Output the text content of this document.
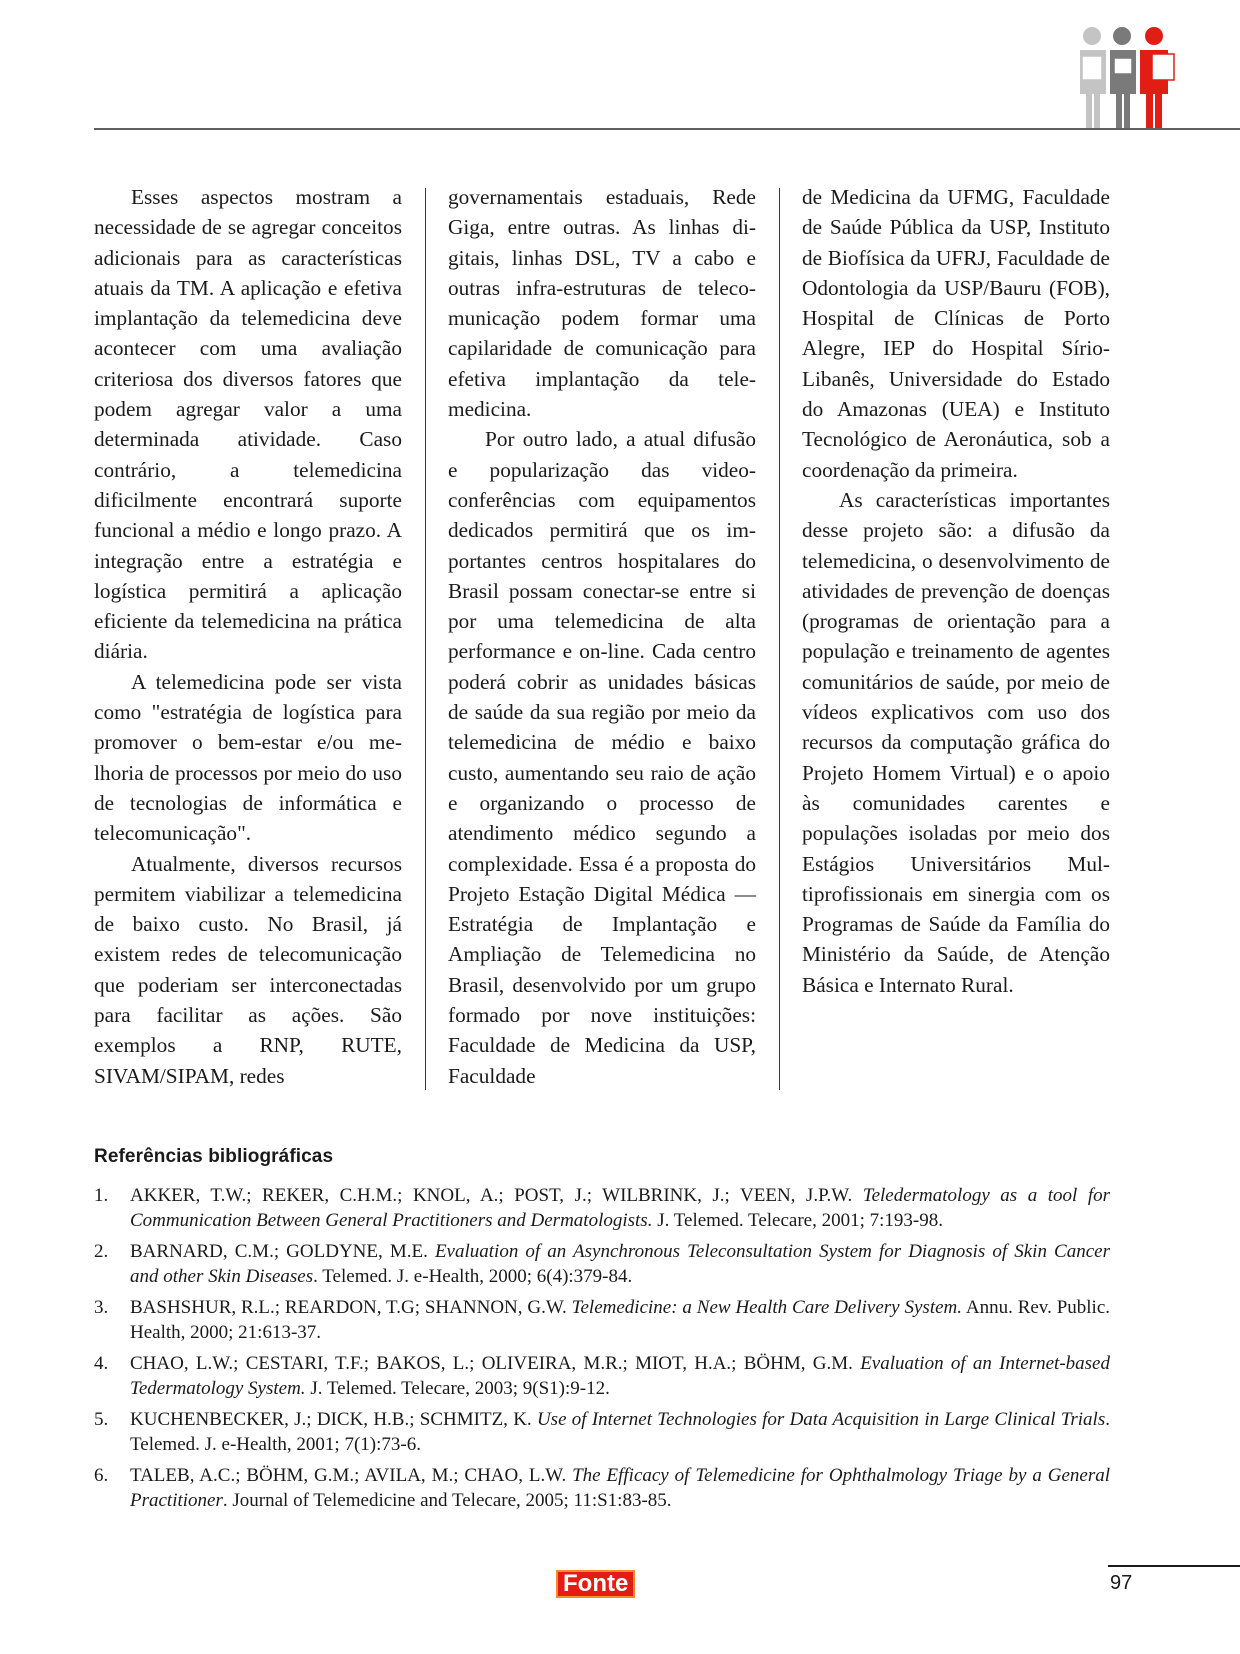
Esses aspectos mostram a necessidade de se agregar conceitos adicionais para as características atuais da TM. A aplicação e efetiva implantação da telemedicina deve acontecer com uma avaliação criteriosa dos diversos fatores que podem agregar valor a uma determinada atividade. Caso contrário, a telemedicina dificilmente encontrará suporte funcional a médio e longo prazo. A integração entre a estratégia e logística permitirá a aplicação eficiente da telemedicina na prática diária.

A telemedicina pode ser vista como "estratégia de logística para promover o bem-estar e/ou melhoria de processos por meio do uso de tecnologias de informática e telecomunicação".

Atualmente, diversos recursos permitem viabilizar a telemedicina de baixo custo. No Brasil, já existem redes de telecomunicação que poderiam ser interconectadas para facilitar as ações. São exemplos a RNP, RUTE, SIVAM/SIPAM, redes

governamentais estaduais, Rede Giga, entre outras. As linhas digitais, linhas DSL, TV a cabo e outras infra-estruturas de telecomunicação podem formar uma capilaridade de comunicação para efetiva implantação da telemedicina.

Por outro lado, a atual difusão e popularização das videoconferências com equipamentos dedicados permitirá que os importantes centros hospitalares do Brasil possam conectar-se entre si por uma telemedicina de alta performance e on-line. Cada centro poderá cobrir as unidades básicas de saúde da sua região por meio da telemedicina de médio e baixo custo, aumentando seu raio de ação e organizando o processo de atendimento médico segundo a complexidade. Essa é a proposta do Projeto Estação Digital Médica — Estratégia de Implantação e Ampliação de Telemedicina no Brasil, desenvolvido por um grupo formado por nove instituições: Faculdade de Medicina da USP, Faculdade

de Medicina da UFMG, Faculdade de Saúde Pública da USP, Instituto de Biofísica da UFRJ, Faculdade de Odontologia da USP/Bauru (FOB), Hospital de Clínicas de Porto Alegre, IEP do Hospital Sírio-Libanês, Universidade do Estado do Amazonas (UEA) e Instituto Tecnológico de Aeronáutica, sob a coordenação da primeira.

As características importantes desse projeto são: a difusão da telemedicina, o desenvolvimento de atividades de prevenção de doenças (programas de orientação para a população e treinamento de agentes comunitários de saúde, por meio de vídeos explicativos com uso dos recursos da computação gráfica do Projeto Homem Virtual) e o apoio às comunidades carentes e populações isoladas por meio dos Estágios Universitários Multiprofissionais em sinergia com os Programas de Saúde da Família do Ministério da Saúde, de Atenção Básica e Internato Rural.

Referências bibliográficas
1. AKKER, T.W.; REKER, C.H.M.; KNOL, A.; POST, J.; WILBRINK, J.; VEEN, J.P.W. Teledermatology as a tool for Communication Between General Practitioners and Dermatologists. J. Telemed. Telecare, 2001; 7:193-98.
2. BARNARD, C.M.; GOLDYNE, M.E. Evaluation of an Asynchronous Teleconsultation System for Diagnosis of Skin Cancer and other Skin Diseases. Telemed. J. e-Health, 2000; 6(4):379-84.
3. BASHSHUR, R.L.; REARDON, T.G; SHANNON, G.W. Telemedicine: a New Health Care Delivery System. Annu. Rev. Public. Health, 2000; 21:613-37.
4. CHAO, L.W.; CESTARI, T.F.; BAKOS, L.; OLIVEIRA, M.R.; MIOT, H.A.; BÖHM, G.M. Evaluation of an Internet-based Tedermatology System. J. Telemed. Telecare, 2003; 9(S1):9-12.
5. KUCHENBECKER, J.; DICK, H.B.; SCHMITZ, K. Use of Internet Technologies for Data Acquisition in Large Clinical Trials. Telemed. J. e-Health, 2001; 7(1):73-6.
6. TALEB, A.C.; BÖHM, G.M.; AVILA, M.; CHAO, L.W. The Efficacy of Telemedicine for Ophthalmology Triage by a General Practitioner. Journal of Telemedicine and Telecare, 2005; 11:S1:83-85.
Fonte	97
